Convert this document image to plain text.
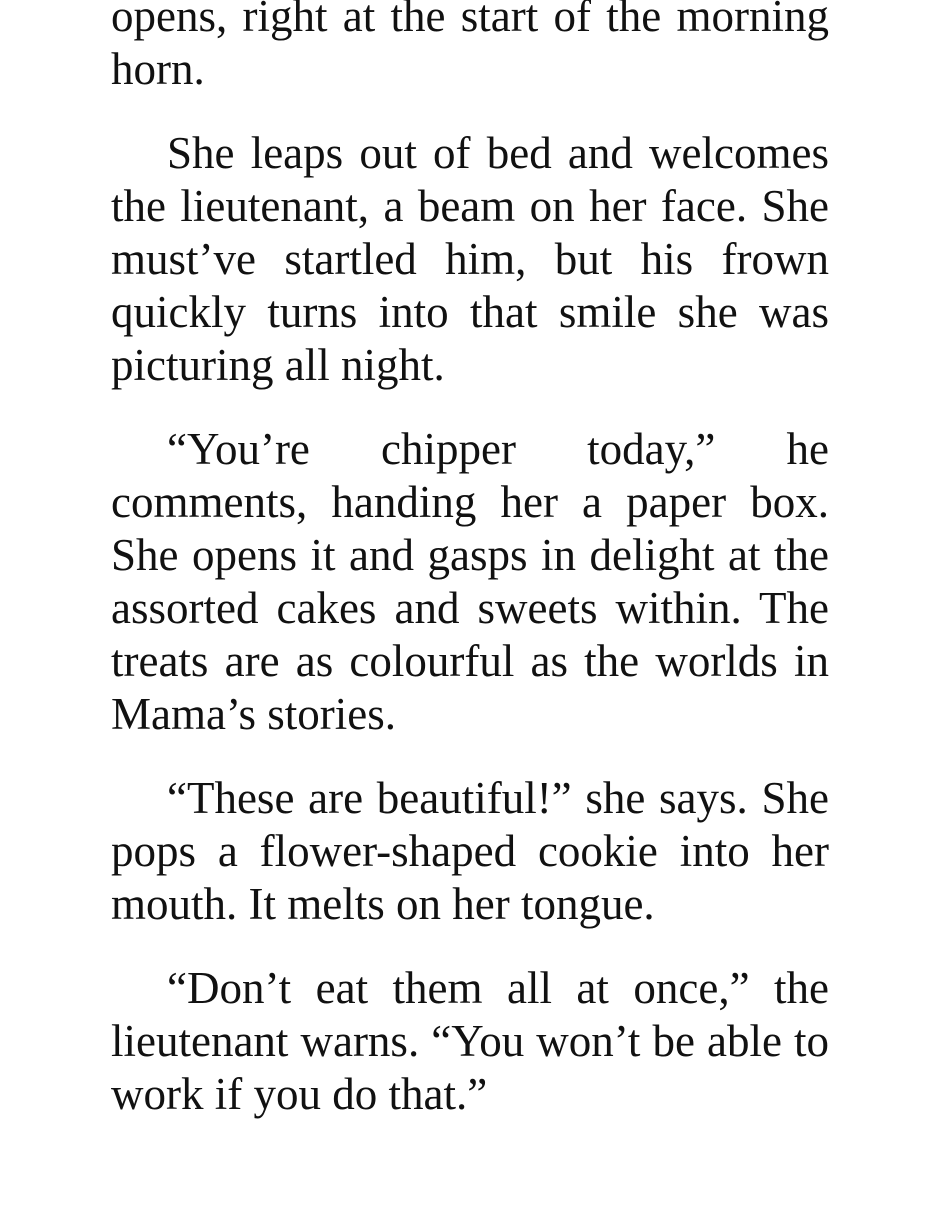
opens, right at the start of the morning horn.

She leaps out of bed and welcomes the lieutenant, a beam on her face. She must’ve startled him, but his frown quickly turns into that smile she was picturing all night.

“You’re chipper today,” he comments, handing her a paper box. She opens it and gasps in delight at the assorted cakes and sweets within. The treats are as colourful as the worlds in Mama’s stories.

“These are beautiful!” she says. She pops a flower-shaped cookie into her mouth. It melts on her tongue.

“Don’t eat them all at once,” the lieutenant warns. “You won’t be able to work if you do that.”
